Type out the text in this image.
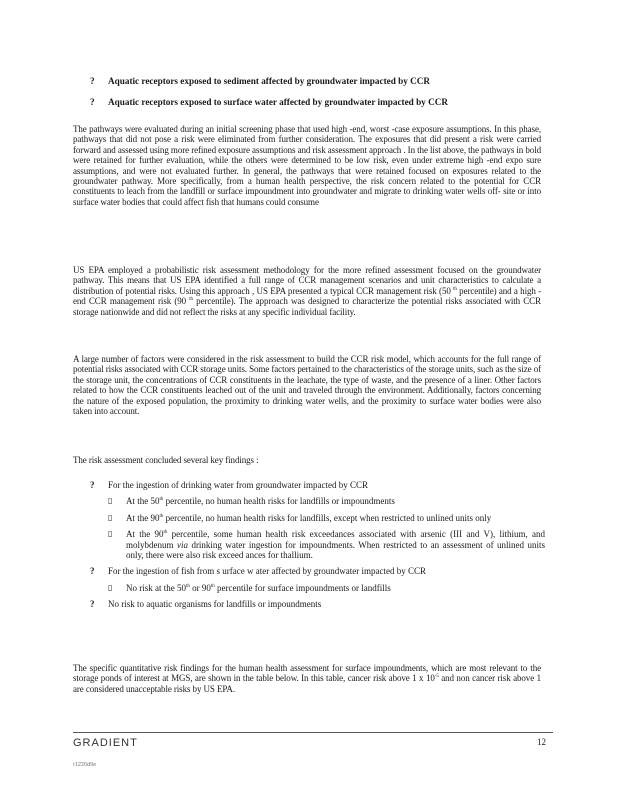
?	Aquatic receptors exposed to sediment affected by groundwater impacted by CCR
?	Aquatic receptors exposed to surface water affected by groundwater impacted by CCR
The pathways were evaluated during an initial screening phase that used high -end, worst -case exposure assumptions. In this phase, pathways that did not pose a risk were eliminated from further consideration. The exposures that did present a risk were carried forward and assessed using more refined exposure assumptions and risk assessment approach . In the list above, the pathways in bold were retained for further evaluation, while the others were determined to be low risk, even under extreme high -end expo sure assumptions, and were not evaluated further. In general, the pathways that were retained focused on exposures related to the groundwater pathway. More specifically, from a human health perspective, the risk concern related to the potential for CCR constituents to leach from the landfill or surface impoundment into groundwater and migrate to drinking water wells off- site or into surface water bodies that could affect fish that humans could consume
US EPA employed a probabilistic risk assessment methodology for the more refined assessment focused on the groundwater pathway. This means that US EPA identified a full range of CCR management scenarios and unit characteristics to calculate a distribution of potential risks. Using this approach , US EPA presented a typical CCR management risk (50 $^{th}$ percentile) and a high -end CCR management risk (90 $^{th}$ percentile). The approach was designed to characterize the potential risks associated with CCR storage nationwide and did not reflect the risks at any specific individual facility.
A large number of factors were considered in the risk assessment to build the CCR risk model, which accounts for the full range of potential risks associated with CCR storage units. Some factors pertained to the characteristics of the storage units, such as the size of the storage unit, the concentrations of CCR constituents in the leachate, the type of waste, and the presence of a liner. Other factors related to how the CCR constituents leached out of the unit and traveled through the environment. Additionally, factors concerning the nature of the exposed population, the proximity to drinking water wells, and the proximity to surface water bodies were also taken into account.
The risk assessment concluded several key findings :
?	For the ingestion of drinking water from groundwater impacted by CCR
▯	At the 50th percentile, no human health risks for landfills or impoundments
▯	At the 90th percentile, no human health risks for landfills, except when restricted to unlined units only
▯	At the 90th percentile, some human health risk exceedances associated with arsenic (III and V), lithium, and molybdenum via drinking water ingestion for impoundments. When restricted to an assessment of unlined units only, there were also risk exceed ances for thallium.
?	For the ingestion of fish from s urface w ater affected by groundwater impacted by CCR
▯	No risk at the 50th or 90th percentile for surface impoundments or landfills
?	No risk to aquatic organisms for landfills or impoundments
The specific quantitative risk findings for the human health assessment for surface impoundments, which are most relevant to the storage ponds of interest at MGS, are shown in the table below. In this table, cancer risk above 1 x $10^{-5}$ and non cancer risk above 1 are considered unacceptable risks by US EPA.
GRADIENT	12
r1220d9e
